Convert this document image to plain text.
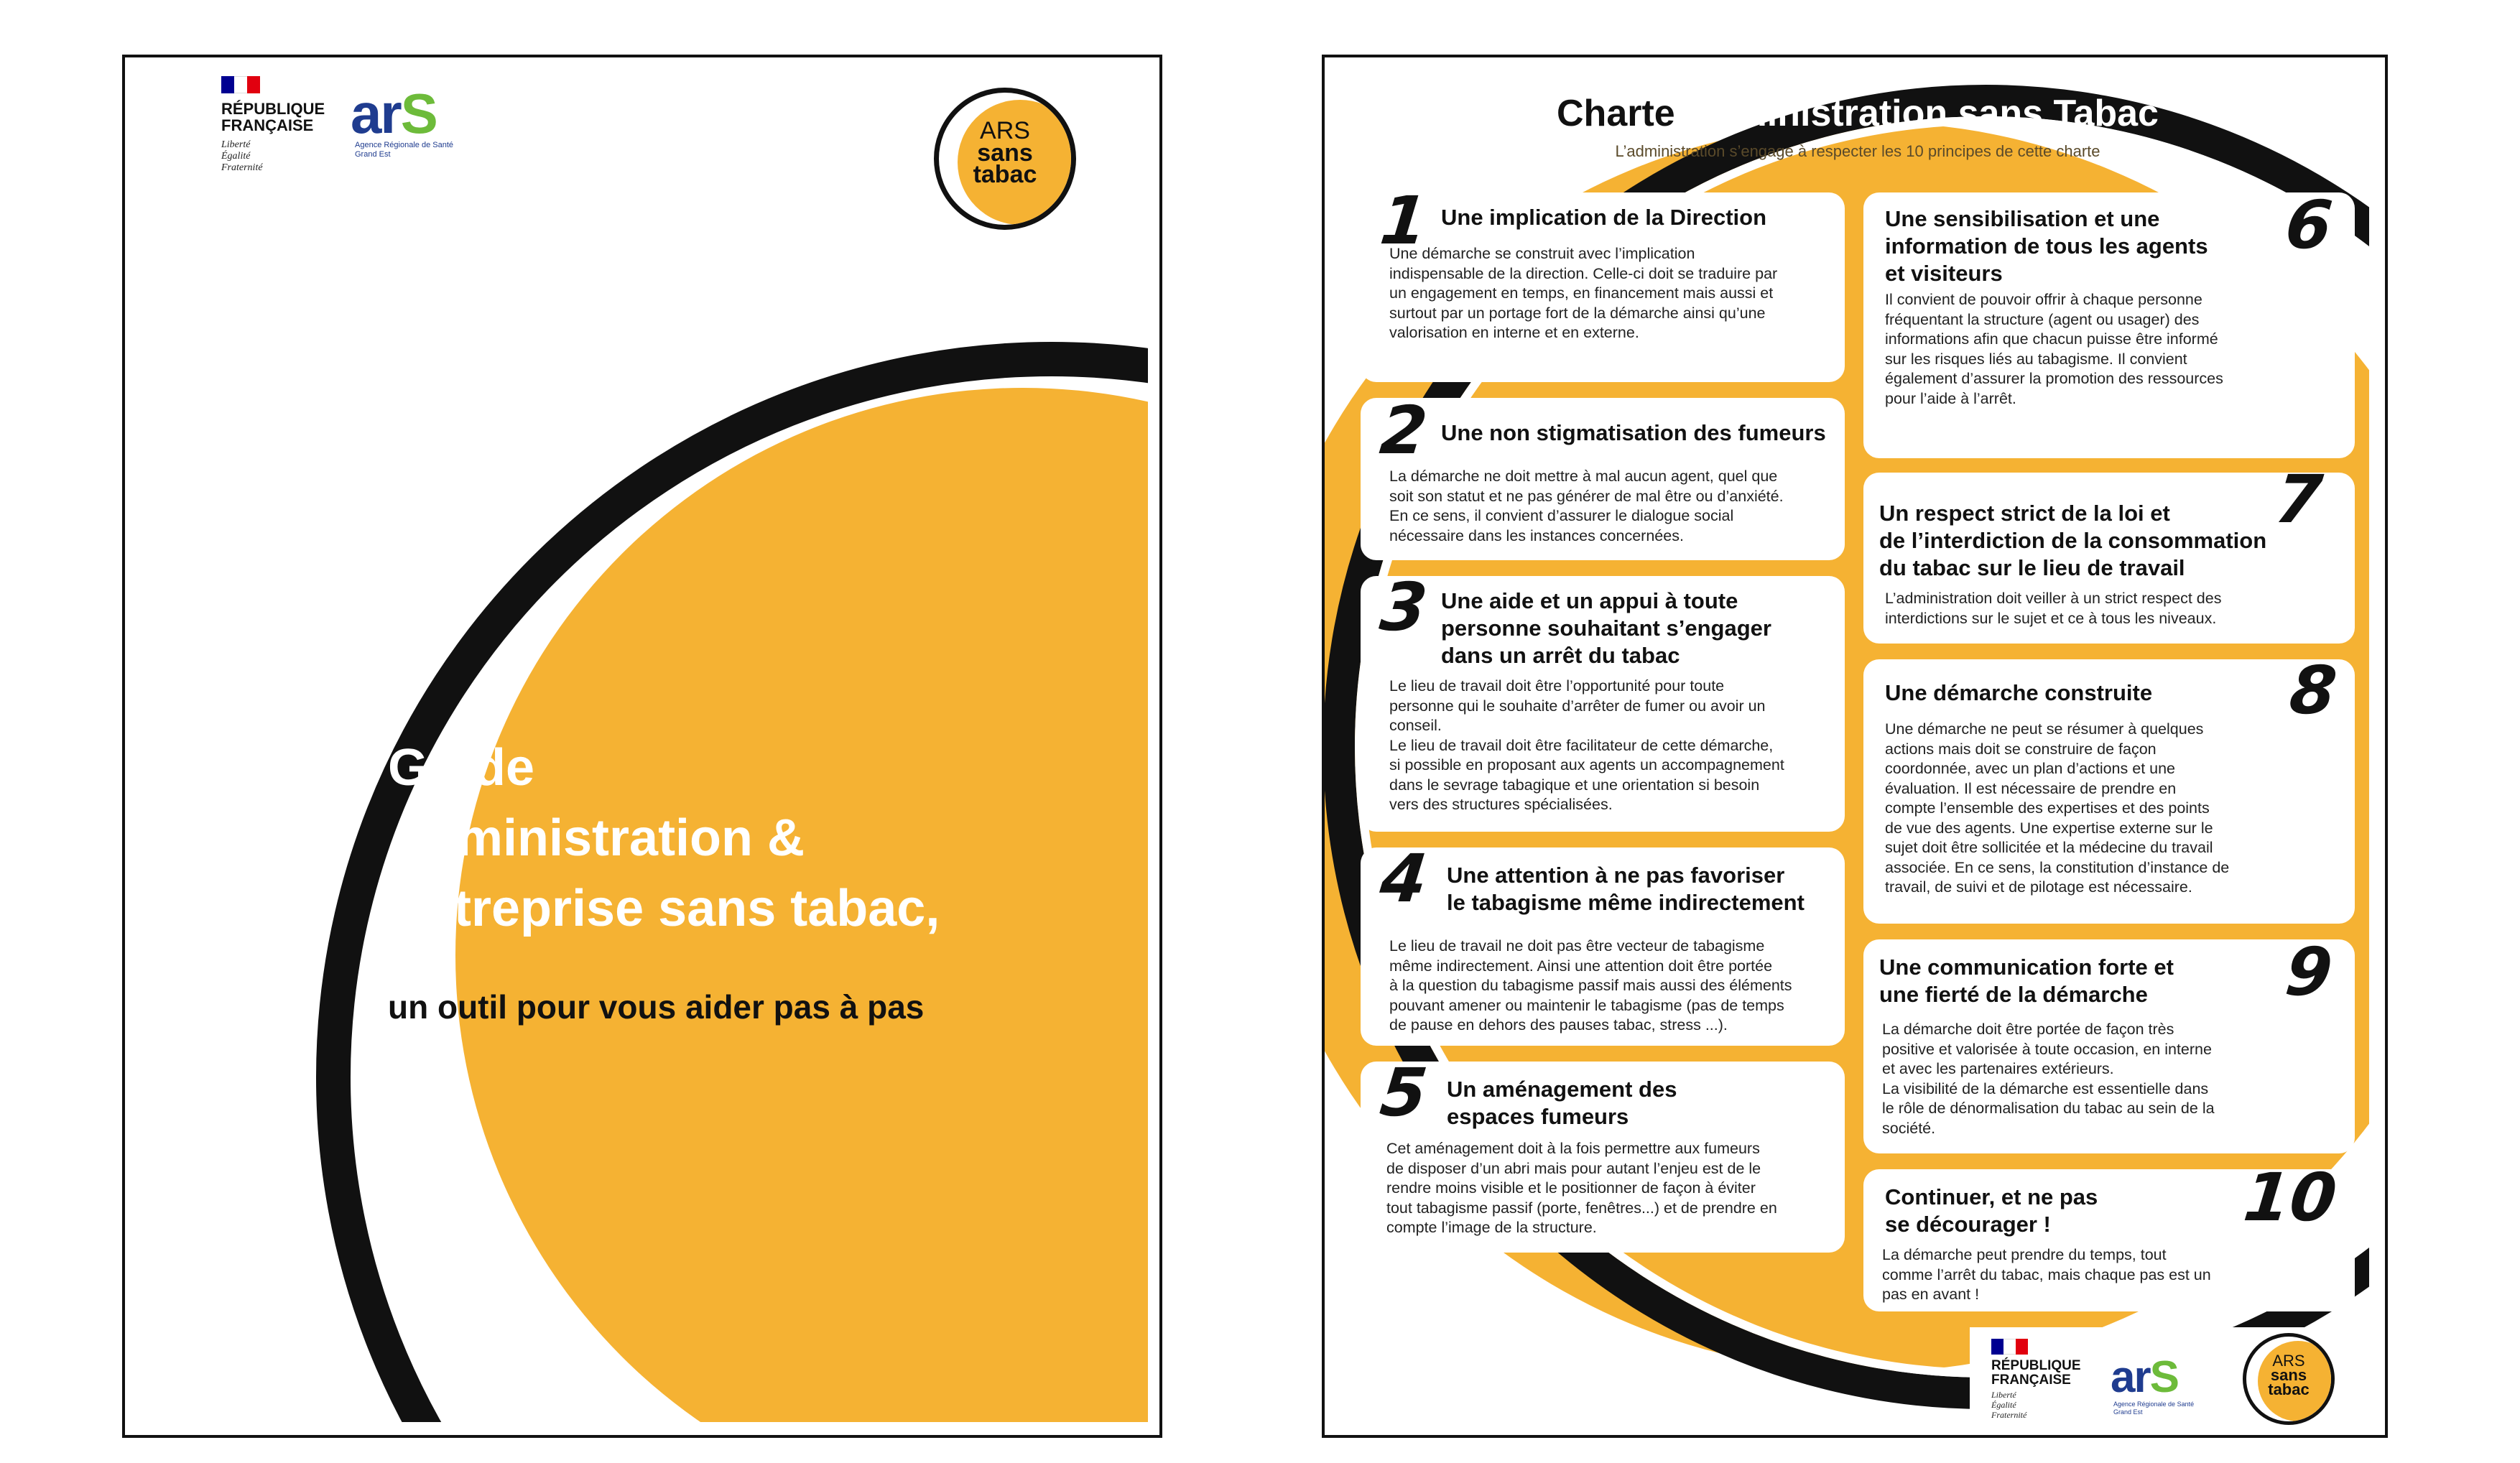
RÉPUBLIQUE
FRANÇAISE
Liberté
Égalité
Fraternité
arS
Agence Régionale de Santé
Grand Est
ARS
sans
tabac
Guide
Administration &
Entreprise sans tabac,

un outil pour vous aider pas à pas

Charte Administration sans Tabac

L’administration s’engage à respecter les 10 principes de cette charte

1 Une implication de la Direction

Une démarche se construit avec l’implication
indispensable de la direction. Celle-ci doit se traduire par
un engagement en temps, en financement mais aussi et
surtout par un portage fort de la démarche ainsi qu’une
valorisation en interne et en externe.

2 Une non stigmatisation des fumeurs

La démarche ne doit mettre à mal aucun agent, quel que
soit son statut et ne pas générer de mal être ou d’anxiété.
En ce sens, il convient d’assurer le dialogue social
nécessaire dans les instances concernées.

3 Une aide et un appui à toute
personne souhaitant s’engager
dans un arrêt du tabac

Le lieu de travail doit être l’opportunité pour toute
personne qui le souhaite d’arrêter de fumer ou avoir un
conseil.
Le lieu de travail doit être facilitateur de cette démarche,
si possible en proposant aux agents un accompagnement
dans le sevrage tabagique et une orientation si besoin
vers des structures spécialisées.

4 Une attention à ne pas favoriser
le tabagisme même indirectement

Le lieu de travail ne doit pas être vecteur de tabagisme
même indirectement. Ainsi une attention doit être portée
à la question du tabagisme passif mais aussi des éléments
pouvant amener ou maintenir le tabagisme (pas de temps
de pause en dehors des pauses tabac, stress ...).

5 Un aménagement des
espaces fumeurs

Cet aménagement doit à la fois permettre aux fumeurs
de disposer d’un abri mais pour autant l’enjeu est de le
rendre moins visible et le positionner de façon à éviter
tout tabagisme passif (porte, fenêtres...) et de prendre en
compte l’image de la structure.

6
Une sensibilisation et une
information de tous les agents
et visiteurs

Il convient de pouvoir offrir à chaque personne
fréquentant la structure (agent ou usager) des
informations afin que chacun puisse être informé
sur les risques liés au tabagisme. Il convient
également d’assurer la promotion des ressources
pour l’aide à l’arrêt.

7
Un respect strict de la loi et
de l’interdiction de la consommation
du tabac sur le lieu de travail

L’administration doit veiller à un strict respect des
interdictions sur le sujet et ce à tous les niveaux.

8
Une démarche construite

Une démarche ne peut se résumer à quelques
actions mais doit se construire de façon
coordonnée, avec un plan d’actions et une
évaluation. Il est nécessaire de prendre en
compte l’ensemble des expertises et des points
de vue des agents. Une expertise externe sur le
sujet doit être sollicitée et la médecine du travail
associée. En ce sens, la constitution d’instance de
travail, de suivi et de pilotage est nécessaire.

9
Une communication forte et
une fierté de la démarche

La démarche doit être portée de façon très
positive et valorisée à toute occasion, en interne
et avec les partenaires extérieurs.
La visibilité de la démarche est essentielle dans
le rôle de dénormalisation du tabac au sein de la
société.

10
Continuer, et ne pas
se décourager !

La démarche peut prendre du temps, tout
comme l’arrêt du tabac, mais chaque pas est un
pas en avant !

RÉPUBLIQUE
FRANÇAISE
Liberté
Égalité
Fraternité
arS
Agence Régionale de Santé
Grand Est
ARS
sans
tabac
